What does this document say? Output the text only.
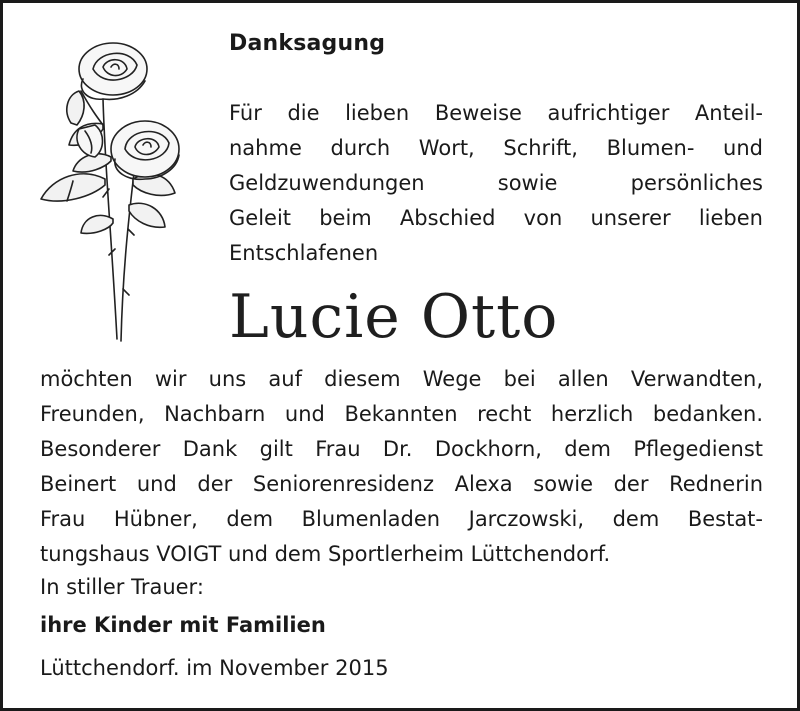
Danksagung
Für die lieben Beweise aufrichtiger Anteil-
nahme durch Wort, Schrift, Blumen- und
Geldzuwendungen sowie persönliches
Geleit beim Abschied von unserer lieben
Entschlafenen
Lucie Otto
möchten wir uns auf diesem Wege bei allen Verwandten,
Freunden, Nachbarn und Bekannten recht herzlich bedanken.
Besonderer Dank gilt Frau Dr. Dockhorn, dem Pflegedienst
Beinert und der Seniorenresidenz Alexa sowie der Rednerin
Frau Hübner, dem Blumenladen Jarczowski, dem Bestat-
tungshaus VOIGT und dem Sportlerheim Lüttchendorf.
In stiller Trauer:
ihre Kinder mit Familien
Lüttchendorf. im November 2015
